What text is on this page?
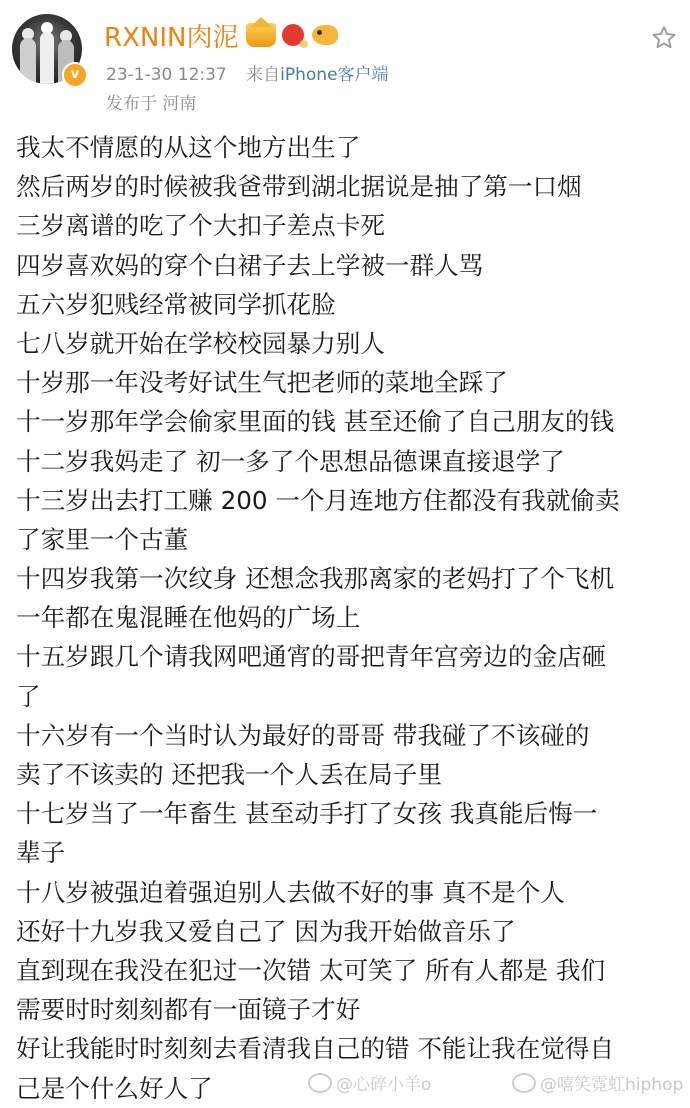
v
RXNIN肉泥
23-1-30 12:37 来自iPhone客户端
发布于 河南
我太不情愿的从这个地方出生了
然后两岁的时候被我爸带到湖北据说是抽了第一口烟
三岁离谱的吃了个大扣子差点卡死
四岁喜欢妈的穿个白裙子去上学被一群人骂
五六岁犯贱经常被同学抓花脸
七八岁就开始在学校校园暴力别人
十岁那一年没考好试生气把老师的菜地全踩了
十一岁那年学会偷家里面的钱 甚至还偷了自己朋友的钱
十二岁我妈走了 初一多了个思想品德课直接退学了
十三岁出去打工赚 200 一个月连地方住都没有我就偷卖
了家里一个古董
十四岁我第一次纹身 还想念我那离家的老妈打了个飞机
一年都在鬼混睡在他妈的广场上
十五岁跟几个请我网吧通宵的哥把青年宫旁边的金店砸
了
十六岁有一个当时认为最好的哥哥 带我碰了不该碰的
卖了不该卖的 还把我一个人丢在局子里
十七岁当了一年畜生 甚至动手打了女孩 我真能后悔一
辈子
十八岁被强迫着强迫别人去做不好的事 真不是个人
还好十九岁我又爱自己了 因为我开始做音乐了
直到现在我没在犯过一次错 太可笑了 所有人都是 我们
需要时时刻刻都有一面镜子才好
好让我能时时刻刻去看清我自己的错 不能让我在觉得自
己是个什么好人了	@心碎小羊o	@嘻笑霓虹hiphop
